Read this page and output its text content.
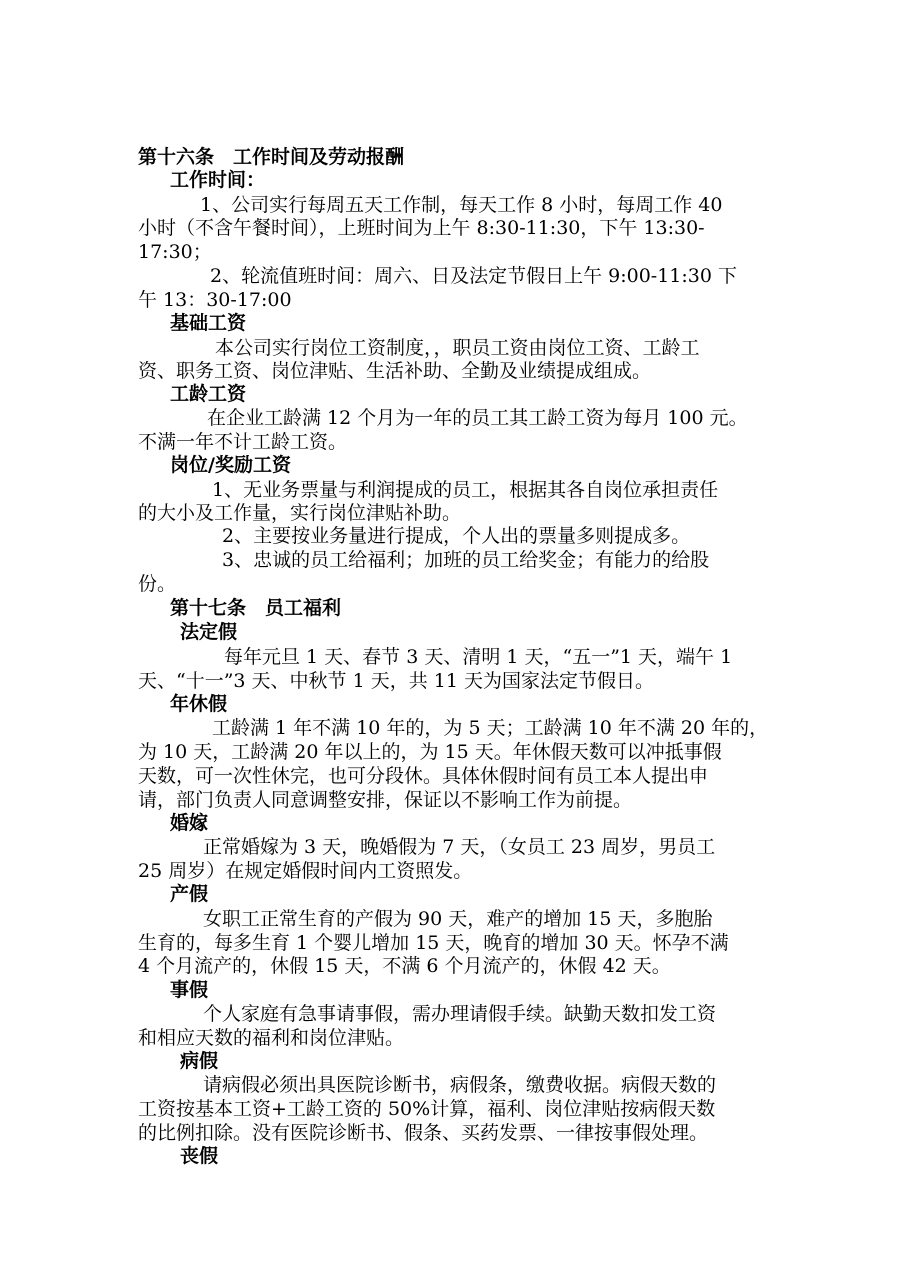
第十六条　工作时间及劳动报酬
工作时间：
1、公司实行每周五天工作制，每天工作 8 小时，每周工作 40
小时（不含午餐时间），上班时间为上午 8:30-11:30，下午 13:30-
17:30；
2、轮流值班时间：周六、日及法定节假日上午 9:00-11:30 下
午 13：30-17:00
基础工资
本公司实行岗位工资制度，，职员工资由岗位工资、工龄工
资、职务工资、岗位津贴、生活补助、全勤及业绩提成组成。
工龄工资
在企业工龄满 12 个月为一年的员工其工龄工资为每月 100 元。
不满一年不计工龄工资。
岗位/奖励工资
1、无业务票量与利润提成的员工，根据其各自岗位承担责任
的大小及工作量，实行岗位津贴补助。
2、主要按业务量进行提成，个人出的票量多则提成多。
3、忠诚的员工给福利；加班的员工给奖金；有能力的给股
份。
第十七条　员工福利
法定假
每年元旦 1 天、春节 3 天、清明 1 天，“五一”1 天，端午 1
天、“十一”3 天、中秋节 1 天，共 11 天为国家法定节假日。
年休假
工龄满 1 年不满 10 年的，为 5 天；工龄满 10 年不满 20 年的，
为 10 天，工龄满 20 年以上的，为 15 天。年休假天数可以冲抵事假
天数，可一次性休完，也可分段休。具体休假时间有员工本人提出申
请，部门负责人同意调整安排，保证以不影响工作为前提。
婚嫁
正常婚嫁为 3 天，晚婚假为 7 天，（女员工 23 周岁，男员工
25 周岁）在规定婚假时间内工资照发。
产假
女职工正常生育的产假为 90 天，难产的增加 15 天，多胞胎
生育的，每多生育 1 个婴儿增加 15 天，晚育的增加 30 天。怀孕不满
4 个月流产的，休假 15 天，不满 6 个月流产的，休假 42 天。
事假
个人家庭有急事请事假，需办理请假手续。缺勤天数扣发工资
和相应天数的福利和岗位津贴。
病假
请病假必须出具医院诊断书，病假条，缴费收据。病假天数的
工资按基本工资+工龄工资的 50%计算，福利、岗位津贴按病假天数
的比例扣除。没有医院诊断书、假条、买药发票、一律按事假处理。
丧假
